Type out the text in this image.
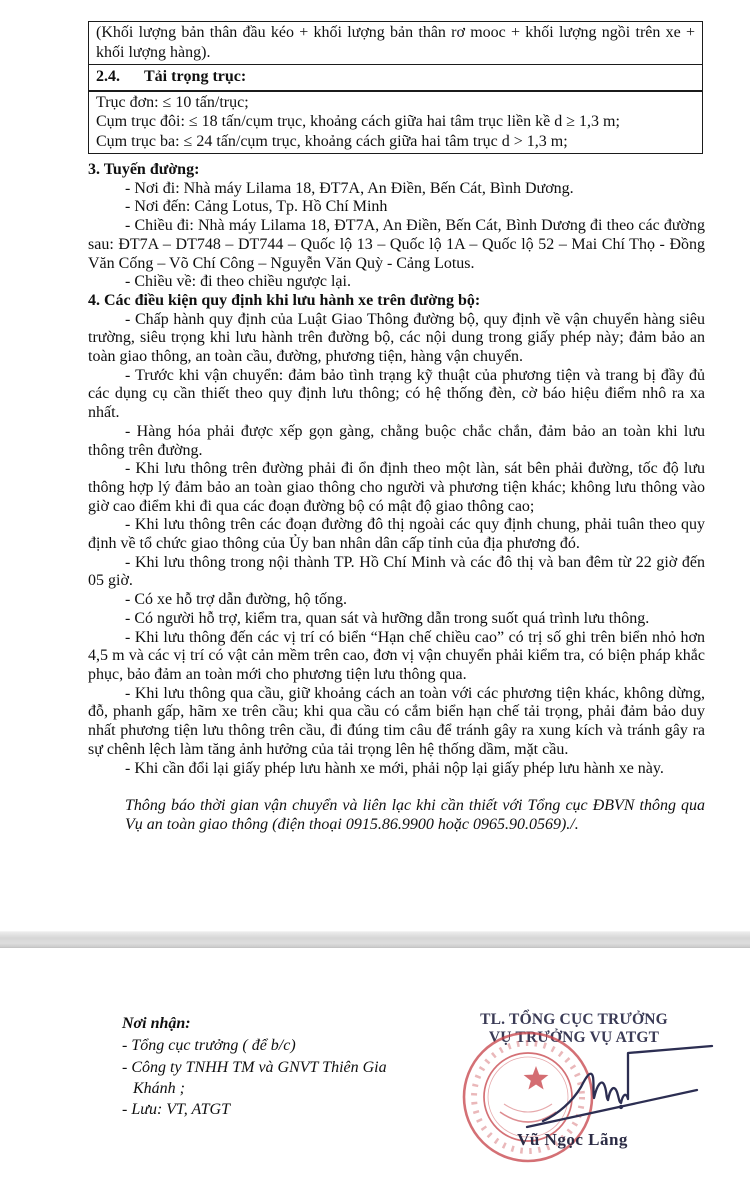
(Khối lượng bản thân đầu kéo + khối lượng bản thân rơ mooc + khối lượng ngồi trên xe + khối lượng hàng).
2.4. Tải trọng trục:

Trục đơn: ≤ 10 tấn/trục;

Cụm trục đôi: ≤ 18 tấn/cụm trục, khoảng cách giữa hai tâm trục liền kề d ≥ 1,3 m;

Cụm trục ba: ≤ 24 tấn/cụm trục, khoảng cách giữa hai tâm trục d > 1,3 m;

3. Tuyến đường:

- Nơi đi: Nhà máy Lilama 18, ĐT7A, An Điền, Bến Cát, Bình Dương.

- Nơi đến: Cảng Lotus, Tp. Hồ Chí Minh

- Chiều đi: Nhà máy Lilama 18, ĐT7A, An Điền, Bến Cát, Bình Dương đi theo các đường sau: ĐT7A – DT748 – DT744 – Quốc lộ 13 – Quốc lộ 1A – Quốc lộ 52 – Mai Chí Thọ - Đồng Văn Cống – Võ Chí Công – Nguyễn Văn Quỳ - Cảng Lotus.

- Chiều về: đi theo chiều ngược lại.

4. Các điều kiện quy định khi lưu hành xe trên đường bộ:

- Chấp hành quy định của Luật Giao Thông đường bộ, quy định về vận chuyển hàng siêu trường, siêu trọng khi lưu hành trên đường bộ, các nội dung trong giấy phép này; đảm bảo an toàn giao thông, an toàn cầu, đường, phương tiện, hàng vận chuyển.

- Trước khi vận chuyển: đảm bảo tình trạng kỹ thuật của phương tiện và trang bị đầy đủ các dụng cụ cần thiết theo quy định lưu thông; có hệ thống đèn, cờ báo hiệu điểm nhô ra xa nhất.

- Hàng hóa phải được xếp gọn gàng, chằng buộc chắc chắn, đảm bảo an toàn khi lưu thông trên đường.

- Khi lưu thông trên đường phải đi ổn định theo một làn, sát bên phải đường, tốc độ lưu thông hợp lý đảm bảo an toàn giao thông cho người và phương tiện khác; không lưu thông vào giờ cao điểm khi đi qua các đoạn đường bộ có mật độ giao thông cao;

- Khi lưu thông trên các đoạn đường đô thị ngoài các quy định chung, phải tuân theo quy định về tổ chức giao thông của Ủy ban nhân dân cấp tỉnh của địa phương đó.

- Khi lưu thông trong nội thành TP. Hồ Chí Minh và các đô thị và ban đêm từ 22 giờ đến 05 giờ.

- Có xe hỗ trợ dẫn đường, hộ tống.

- Có người hỗ trợ, kiểm tra, quan sát và hưỡng dẫn trong suốt quá trình lưu thông.

- Khi lưu thông đến các vị trí có biển “Hạn chế chiều cao” có trị số ghi trên biển nhỏ hơn 4,5 m và các vị trí có vật cản mềm trên cao, đơn vị vận chuyển phải kiểm tra, có biện pháp khắc phục, bảo đảm an toàn mới cho phương tiện lưu thông qua.

- Khi lưu thông qua cầu, giữ khoảng cách an toàn với các phương tiện khác, không dừng, đỗ, phanh gấp, hãm xe trên cầu; khi qua cầu có cắm biển hạn chế tải trọng, phải đảm bảo duy nhất phương tiện lưu thông trên cầu, đi đúng tim câu để tránh gây ra xung kích và tránh gây ra sự chênh lệch làm tăng ảnh hưởng của tải trọng lên hệ thống dầm, mặt cầu.

- Khi cần đổi lại giấy phép lưu hành xe mới, phải nộp lại giấy phép lưu hành xe này.

Thông báo thời gian vận chuyển và liên lạc khi cần thiết với Tổng cục ĐBVN thông qua Vụ an toàn giao thông (điện thoại 0915.86.9900 hoặc 0965.90.0569)./.

Nơi nhận:

- Tổng cục trưởng ( để b/c)

- Công ty TNHH TM và GNVT Thiên Gia

Khánh ;

- Lưu: VT, ATGT

TL. TỔNG CỤC TRƯỞNG
VỤ TRƯỞNG VỤ ATGT
Vũ Ngọc Lãng
